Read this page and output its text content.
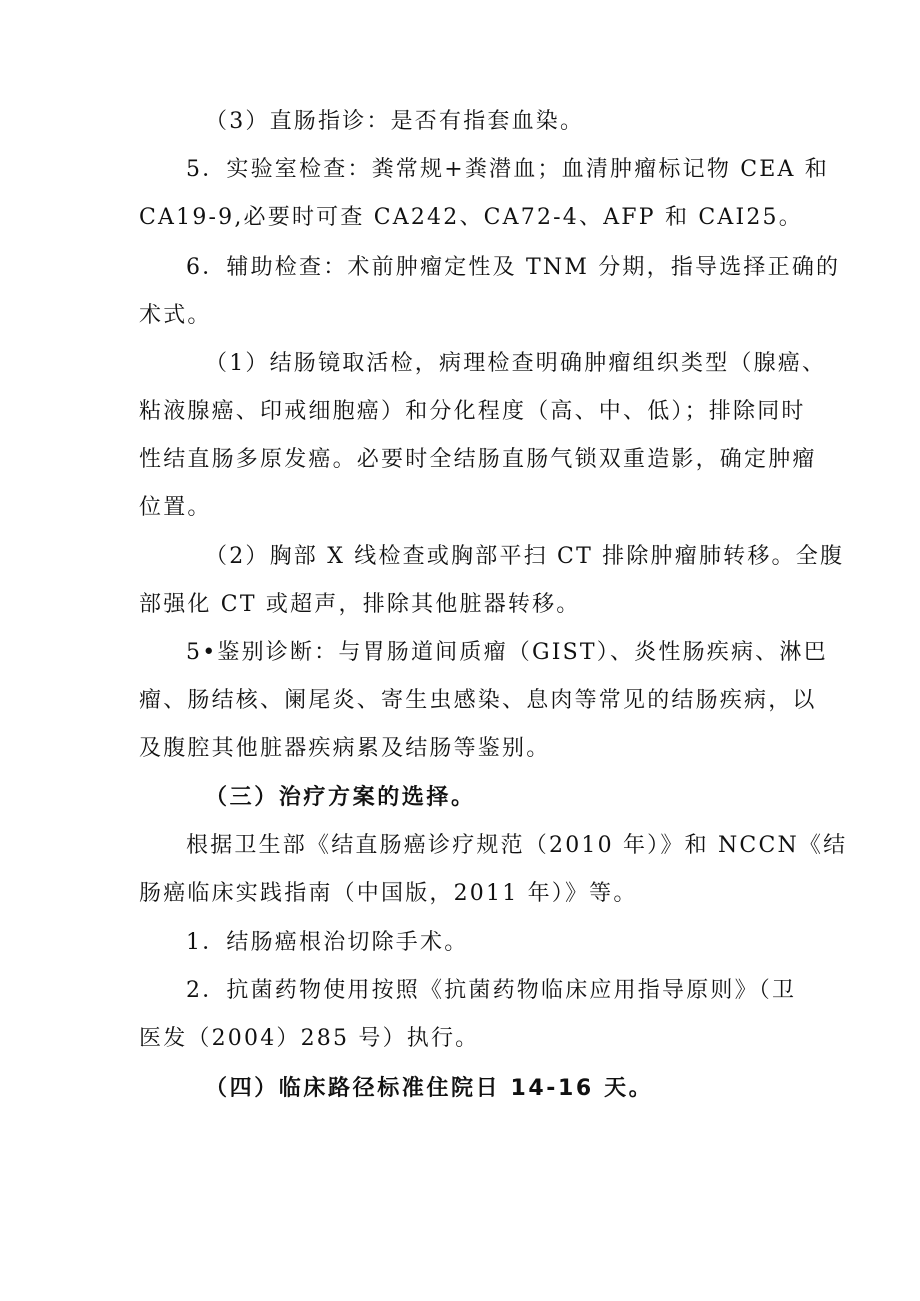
（3）直肠指诊：是否有指套血染。

5．实验室检查：粪常规+粪潜血；血清肿瘤标记物 CEA 和

CA19-9,必要时可查 CA242、CA72-4、AFP 和 CAI25。

6．辅助检查：术前肿瘤定性及 TNM 分期，指导选择正确的

术式。

（1）结肠镜取活检，病理检查明确肿瘤组织类型（腺癌、

粘液腺癌、印戒细胞癌）和分化程度（高、中、低）；排除同时

性结直肠多原发癌。必要时全结肠直肠气锁双重造影，确定肿瘤

位置。

（2）胸部 X 线检查或胸部平扫 CT 排除肿瘤肺转移。全腹

部强化 CT 或超声，排除其他脏器转移。

5•鉴别诊断：与胃肠道间质瘤（GIST）、炎性肠疾病、淋巴

瘤、肠结核、阑尾炎、寄生虫感染、息肉等常见的结肠疾病，以

及腹腔其他脏器疾病累及结肠等鉴别。

（三）治疗方案的选择。

根据卫生部《结直肠癌诊疗规范（2010 年）》和 NCCN《结

肠癌临床实践指南（中国版，2011 年）》等。

1．结肠癌根治切除手术。

2．抗菌药物使用按照《抗菌药物临床应用指导原则》（卫

医发（2004）285 号）执行。

（四）临床路径标准住院日 14-16 天。
